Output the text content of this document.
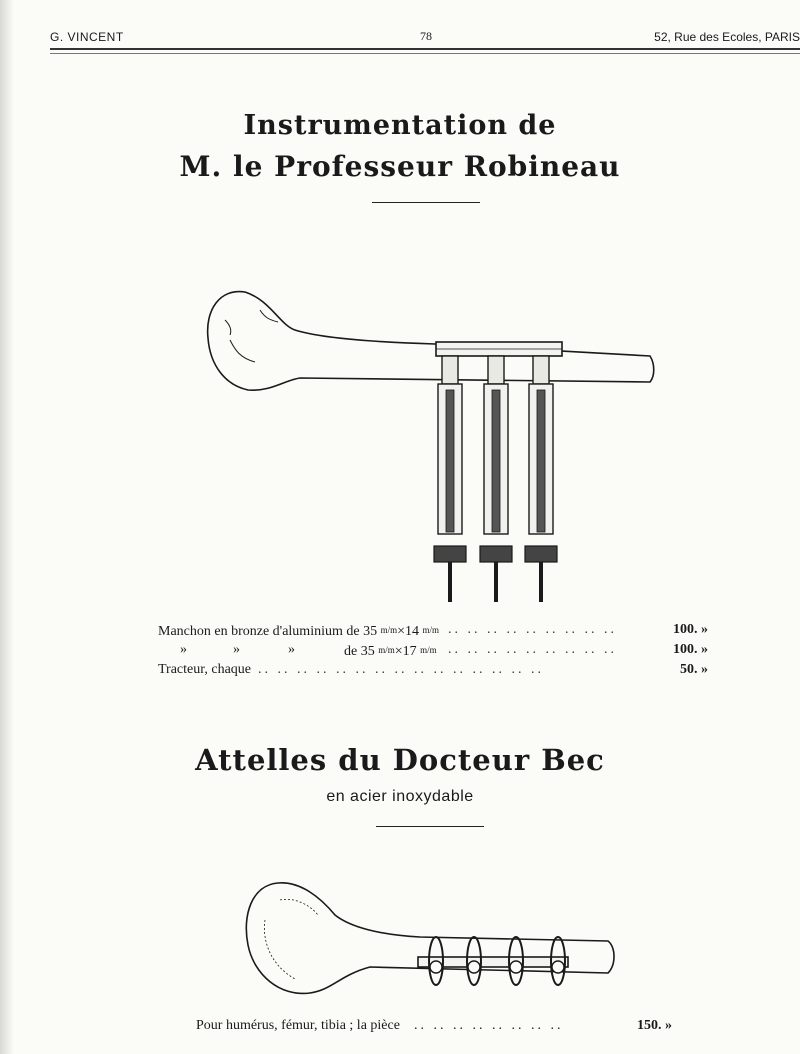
G. VINCENT	78	52, Rue des Ecoles, PARIS
Instrumentation de
M. le Professeur Robineau
Manchon en bronze d'aluminium de 35 m/m×14 m/m .. .. .. .. .. .. .. .. ..	100. »
»	»	»	de 35 m/m×17 m/m .. .. .. .. .. .. .. .. ..	100. »
Tracteur, chaque .. .. .. .. .. .. .. .. .. .. .. .. .. .. ..	50. »
Attelles du Docteur Bec
en acier inoxydable
Pour humérus, fémur, tibia ; la pièce .. .. .. .. .. .. .. ..	150. »
